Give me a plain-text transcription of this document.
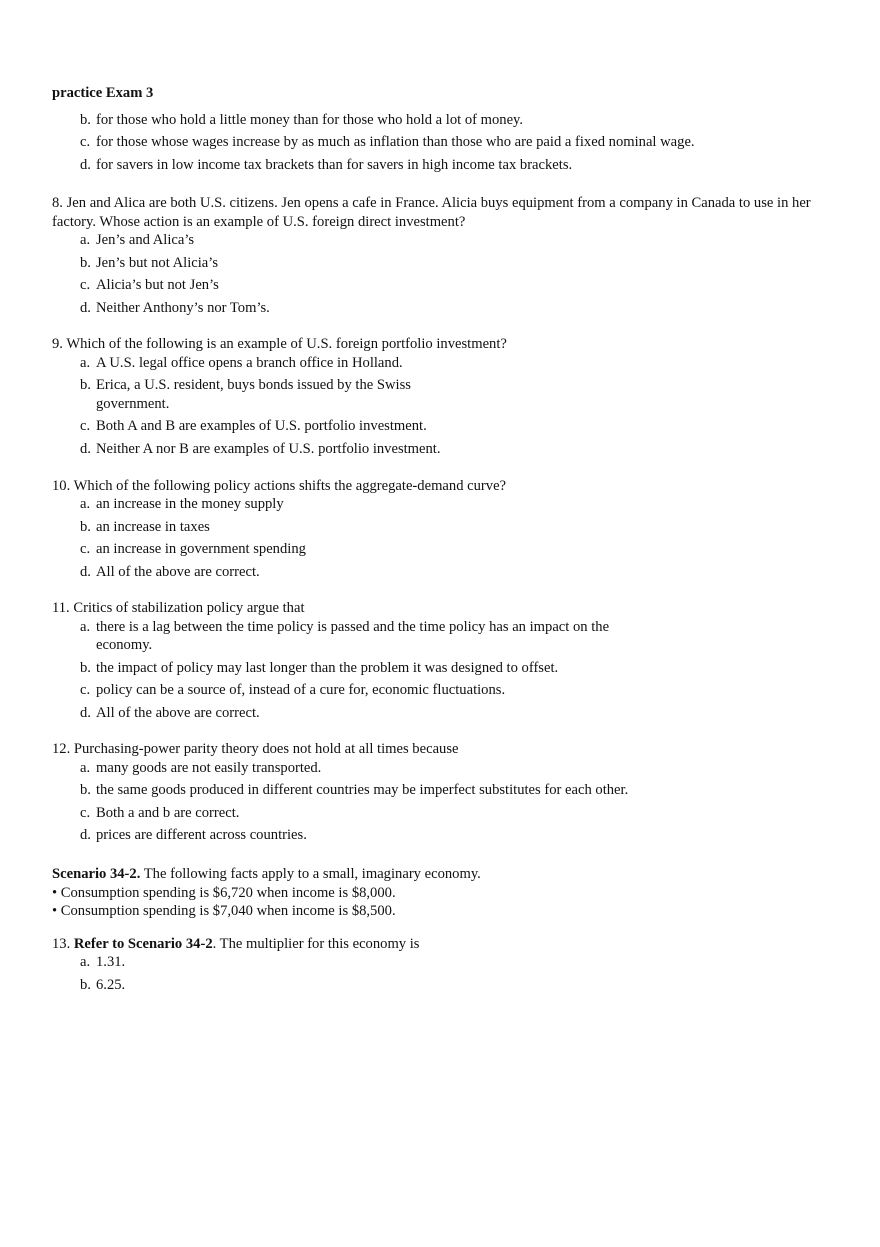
practice Exam 3

b. for those who hold a little money than for those who hold a lot of money.
c. for those whose wages increase by as much as inflation than those who are paid a fixed nominal wage.
d. for savers in low income tax brackets than for savers in high income tax brackets.

8. Jen and Alica are both U.S. citizens. Jen opens a cafe in France. Alicia buys equipment from a company in Canada to use in her factory. Whose action is an example of U.S. foreign direct investment?

a. Jen’s and Alica’s
b. Jen’s but not Alicia’s
c. Alicia’s but not Jen’s
d. Neither Anthony’s nor Tom’s.

9. Which of the following is an example of U.S. foreign portfolio investment?

a. A U.S. legal office opens a branch office in Holland.
b. Erica, a U.S. resident, buys bonds issued by the Swiss government.
c. Both A and B are examples of U.S. portfolio investment.
d. Neither A nor B are examples of U.S. portfolio investment.

10. Which of the following policy actions shifts the aggregate-demand curve?

a. an increase in the money supply
b. an increase in taxes
c. an increase in government spending
d. All of the above are correct.

11. Critics of stabilization policy argue that

a. there is a lag between the time policy is passed and the time policy has an impact on the economy.
b. the impact of policy may last longer than the problem it was designed to offset.
c. policy can be a source of, instead of a cure for, economic fluctuations.
d. All of the above are correct.

12. Purchasing-power parity theory does not hold at all times because

a. many goods are not easily transported.
b. the same goods produced in different countries may be imperfect substitutes for each other.
c. Both a and b are correct.
d. prices are different across countries.

Scenario 34-2. The following facts apply to a small, imaginary economy.

• Consumption spending is $6,720 when income is $8,000.

• Consumption spending is $7,040 when income is $8,500.

13. Refer to Scenario 34-2. The multiplier for this economy is

a. 1.31.
b. 6.25.
